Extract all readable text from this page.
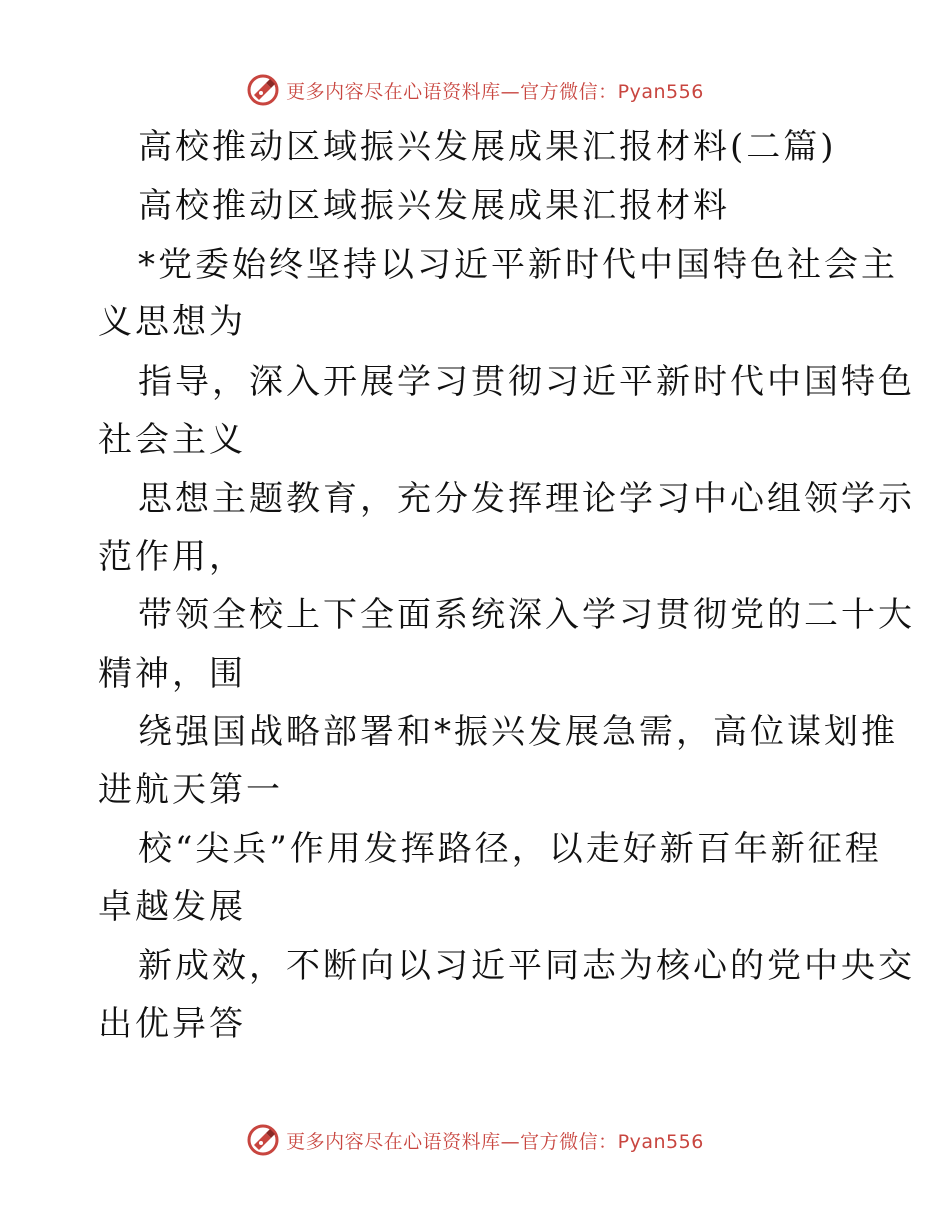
更多内容尽在心语资料库—官方微信：Pyan556
高校推动区域振兴发展成果汇报材料(二篇)
高校推动区域振兴发展成果汇报材料
*党委始终坚持以习近平新时代中国特色社会主
义思想为
指导，深入开展学习贯彻习近平新时代中国特色
社会主义
思想主题教育，充分发挥理论学习中心组领学示
范作用，
带领全校上下全面系统深入学习贯彻党的二十大
精神，围
绕强国战略部署和*振兴发展急需，高位谋划推
进航天第一
校“尖兵”作用发挥路径，以走好新百年新征程
卓越发展
新成效，不断向以习近平同志为核心的党中央交
出优异答
更多内容尽在心语资料库—官方微信：Pyan556
